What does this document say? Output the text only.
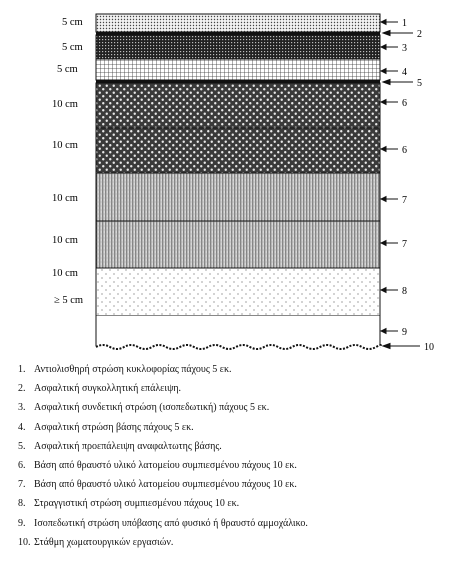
5 cm
5 cm
5 cm
10 cm
10 cm
10 cm
10 cm
10 cm
≥ 5 cm
1
2
3
4
5
6
6
7
7
8
9
10
1. Αντιολισθηρή στρώση κυκλοφορίας πάχους 5 εκ.
2. Ασφαλτική συγκολλητική επάλειψη.
3. Ασφαλτική συνδετική στρώση (ισοπεδωτική) πάχους 5 εκ.
4. Ασφαλτική στρώση βάσης πάχους 5 εκ.
5. Ασφαλτική προεπάλειψη αναφαλτωτης βάσης.
6. Βάση από θραυστό υλικό λατομείου συμπιεσμένου πάχους 10 εκ.
7. Βάση από θραυστό υλικό λατομείου συμπιεσμένου πάχους 10 εκ.
8. Στραγγιστική στρώση συμπιεσμένου πάχους 10 εκ.
9. Ισοπεδωτική στρώση υπόβασης από φυσικό ή θραυστό αμμοχάλικο.
10. Στάθμη χωματουργικών εργασιών.
